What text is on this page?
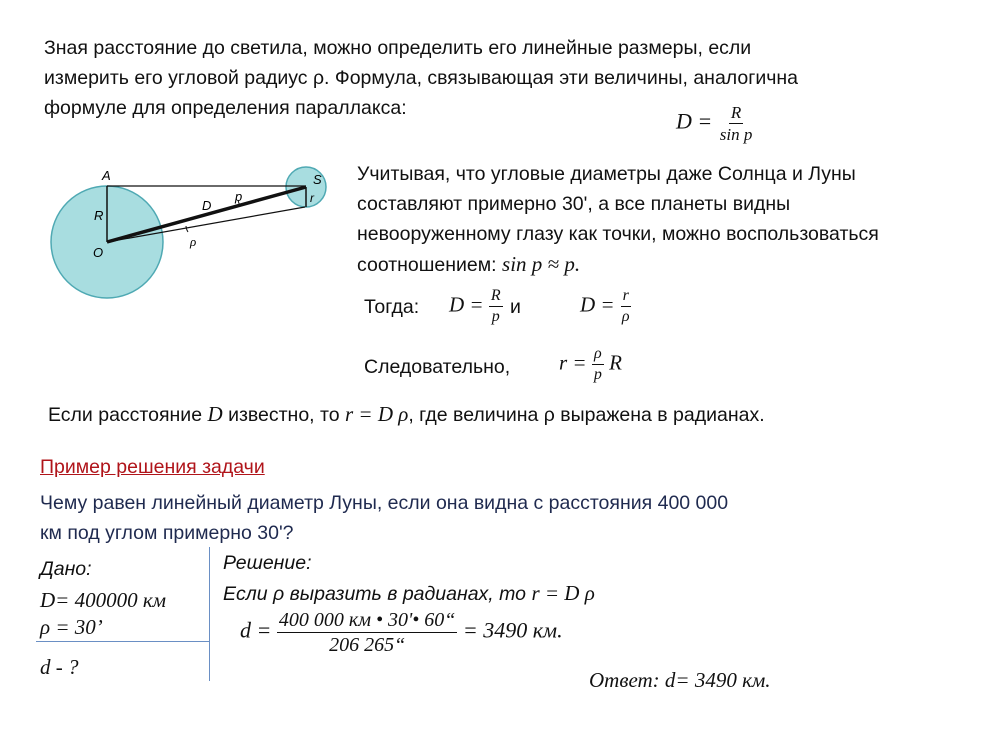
Зная расстояние до светила, можно определить его линейные размеры, если
измерить его угловой радиус ρ. Формула, связывающая эти величины, аналогична
формуле для определения параллакса:
$D = \frac{R}{\text{sin p}}$
A
R
O
D
p
ρ
S
r
Учитывая, что угловые диаметры даже Солнца и Луны
составляют примерно 30', а все планеты видны
невооруженному глазу как точки, можно воспользоваться
соотношением: sin p ≈ p.
Тогда: $D = \frac{R}{p}$ и	$D = \frac{r}{\rho}$
Следовательно, $r = \frac{\rho}{p}$ R
Если расстояние D известно, то r = D ρ, где величина ρ выражена в радианах.
Пример решения задачи
Чему равен линейный диаметр Луны, если она видна с расстояния 400 000
км под углом примерно 30'?
Дано:
D= 400000 км
ρ = 30’
d - ?
Решение:
Если ρ выразить в радианах, то r = D ρ
$d = \frac{400 000 км • 30'• 60“}{206 265“} = 3490$ км.
Ответ: d= 3490 км.
